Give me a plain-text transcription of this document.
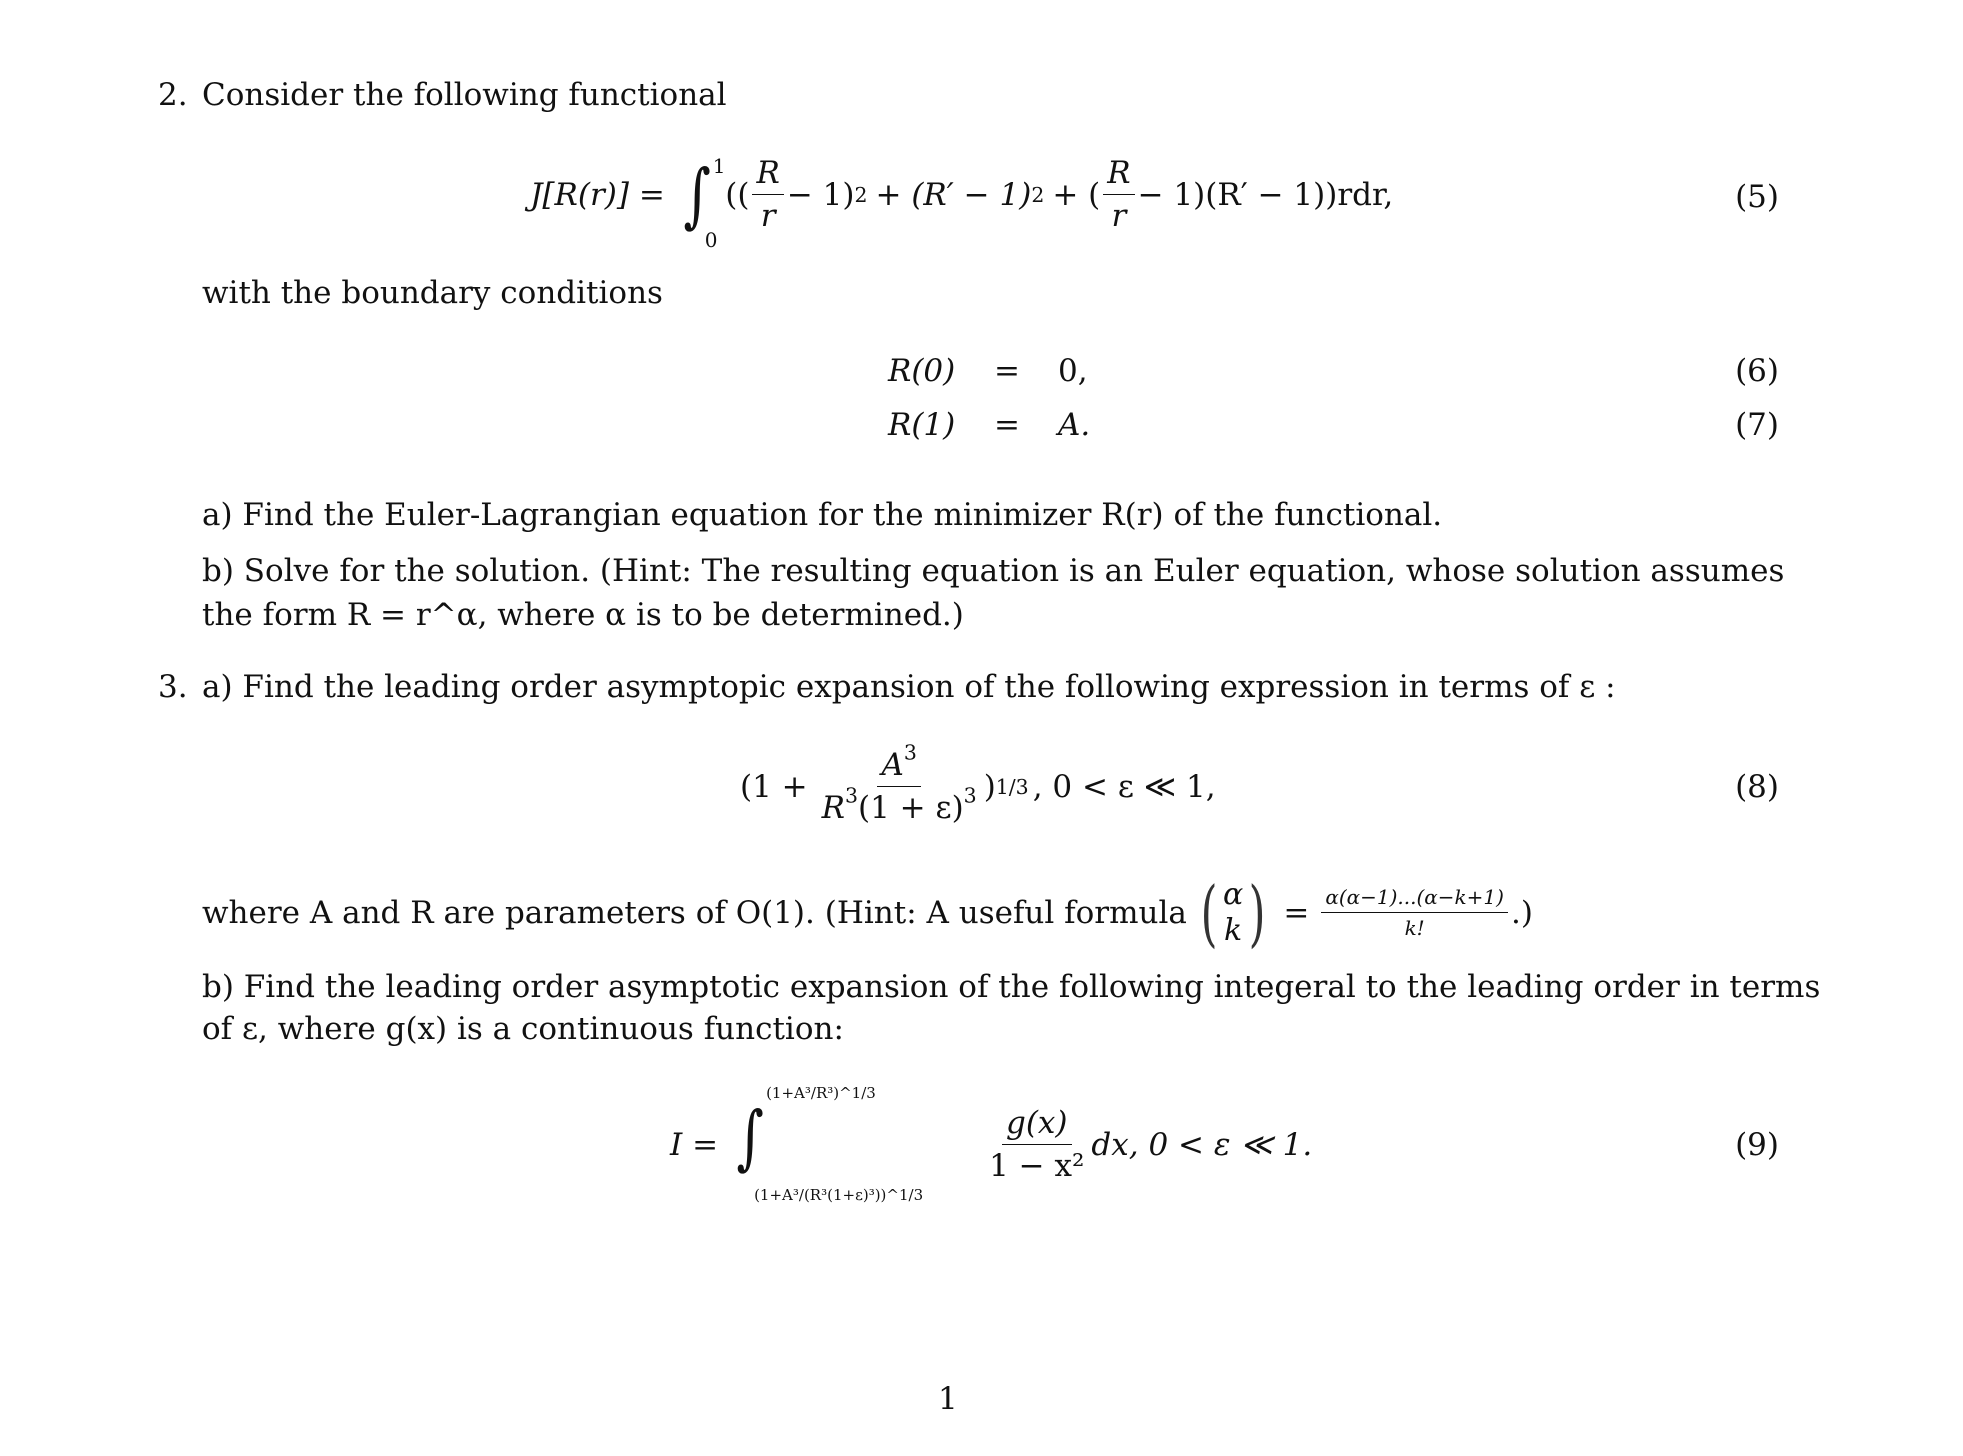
2. Consider the following functional
J[R(r)] = ∫ 1
0
(( $\frac{R}{r} - 1$) 2 + (R′ − 1) 2 + ( $\frac{R}{r} - 1)(R' - 1))rdr$,	(5)
with the boundary conditions
R(0) = 0,	(6)
R(1) = A.	(7)
a) Find the Euler-Lagrangian equation for the minimizer R(r) of the functional.
b) Solve for the solution. (Hint: The resulting equation is an Euler equation, whose solution assumes
the form R = r^α, where α is to be determined.)
3. a) Find the leading order asymptopic expansion of the following expression in terms of ε :
($1 + \frac{A^3}{R^3(1 + \varepsilon)^3}$ ) 1/3 , 0 < ε ≪ 1,	(8)
where A and R are parameters of O(1). (Hint: A useful formula ( α
k ) = $\frac{\alpha(\alpha-1)...(\alpha-k+1)}{k!}$ .)
b) Find the leading order asymptotic expansion of the following integeral to the leading order in terms
of ε, where g(x) is a continuous function:
I = ∫
(1+A³/R³)^1/3
(1+A³/(R³(1+ε)³))^1/3
$\frac{g(x)}{\text{1 − x²}}$ dx, 0 < ε ≪ 1.	(9)
1
